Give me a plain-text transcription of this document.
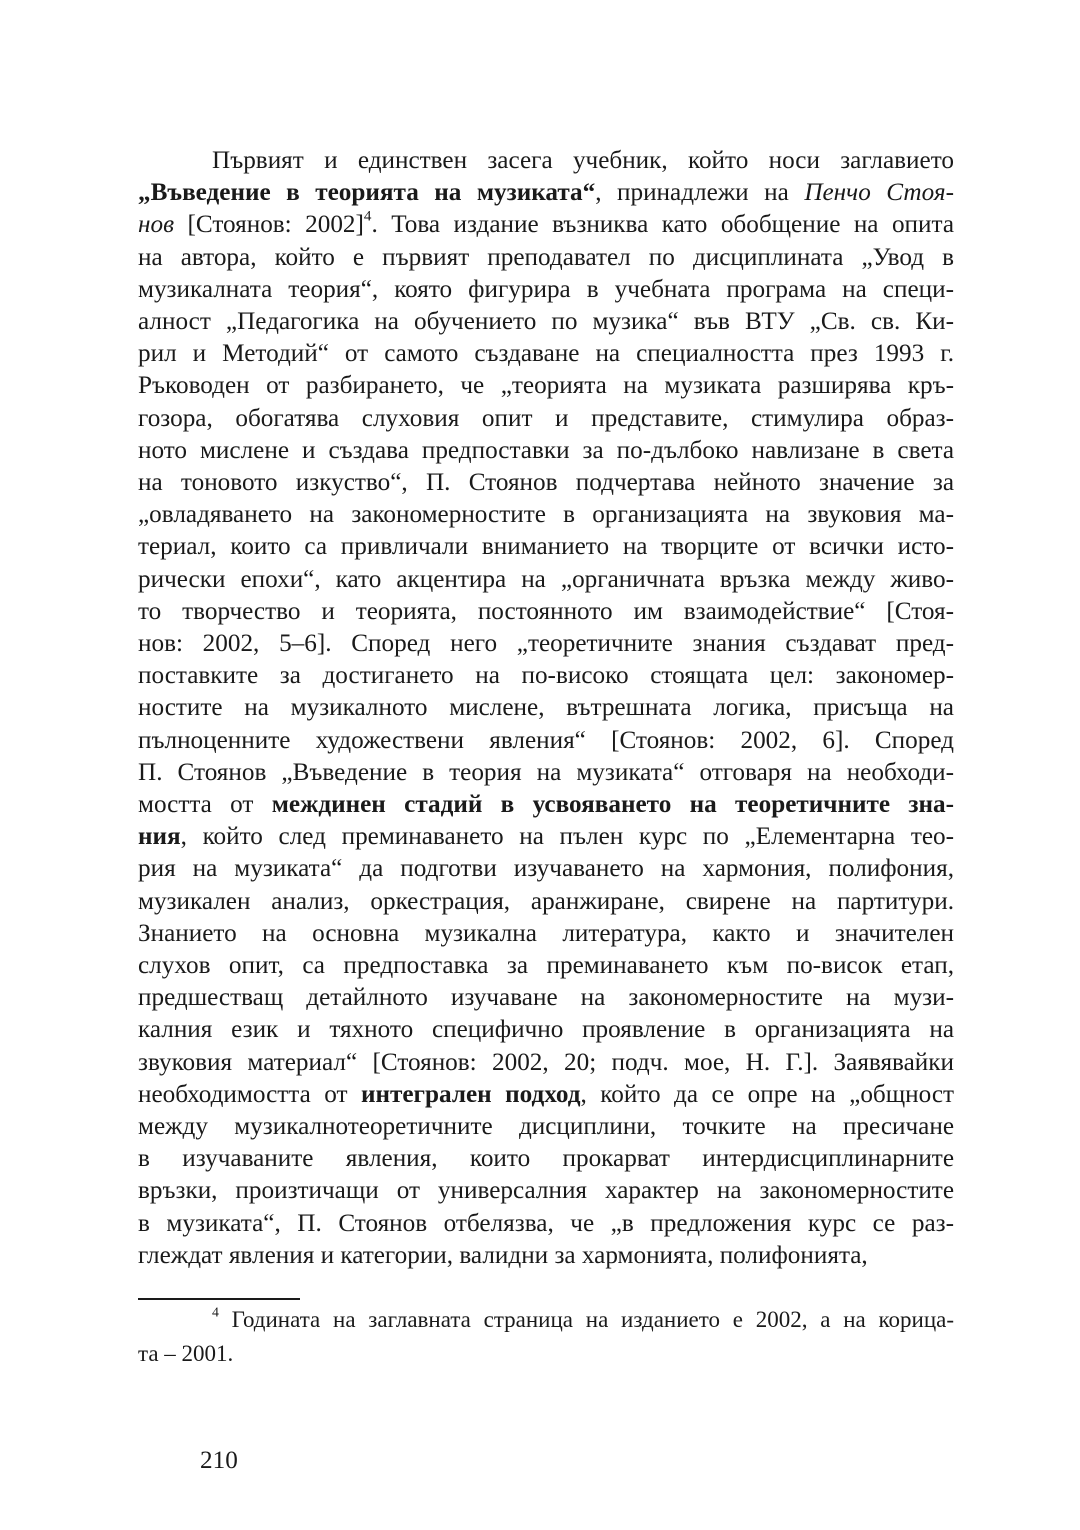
Първият и единствен засега учебник, който носи заглавието
„Въведение в теорията на музиката“, принадлежи на Пенчо Стоя-
нов [Стоянов: 2002]$^4$. Това издание възниква като обобщение на опита
на автора, който е първият преподавател по дисциплината „Увод в
музикалната теория“, която фигурира в учебната програма на специ-
алност „Педагогика на обучението по музика“ във ВТУ „Св. св. Ки-
рил и Методий“ от самото създаване на специалността през 1993 г.
Ръководен от разбирането, че „теорията на музиката разширява кръ-
гозора, обогатява слуховия опит и представите, стимулира образ-
ното мислене и създава предпоставки за по-дълбоко навлизане в света
на тоновото изкуство“, П. Стоянов подчертава нейното значение за
„овладяването на закономерностите в организацията на звуковия ма-
териал, които са привличали вниманието на творците от всички исто-
рически епохи“, като акцентира на „органичната връзка между живо-
то творчество и теорията, постоянното им взаимодействие“ [Стоя-
нов: 2002, 5–6]. Според него „теоретичните знания създават пред-
поставките за достигането на по-високо стоящата цел: закономер-
ностите на музикалното мислене, вътрешната логика, присъща на
пълноценните художествени явления“ [Стоянов: 2002, 6]. Според
П. Стоянов „Въведение в теория на музиката“ отговаря на необходи-
мостта от междинен стадий в усвояването на теоретичните зна-
ния, който след преминаването на пълен курс по „Елементарна тео-
рия на музиката“ да подготви изучаването на хармония, полифония,
музикален анализ, оркестрация, аранжиране, свирене на партитури.
Знанието на основна музикална литература, както и значителен
слухов опит, са предпоставка за преминаването към по-висок етап,
предшестващ детайлното изучаване на закономерностите на музи-
калния език и тяхното специфично проявление в организацията на
звуковия материал“ [Стоянов: 2002, 20; подч. мое, Н. Г.]. Заявявайки
необходимостта от интегрален подход, който да се опре на „общност
между музикалнотеоретичните дисциплини, точките на пресичане
в изучаваните явления, които прокарват интердисциплинарните
връзки, произтичащи от универсалния характер на закономерностите
в музиката“, П. Стоянов отбелязва, че „в предложения курс се раз-
глеждат явления и категории, валидни за хармонията, полифонията,
$^4$ Годината на заглавната страница на изданието е 2002, а на корица-
та – 2001.
210
